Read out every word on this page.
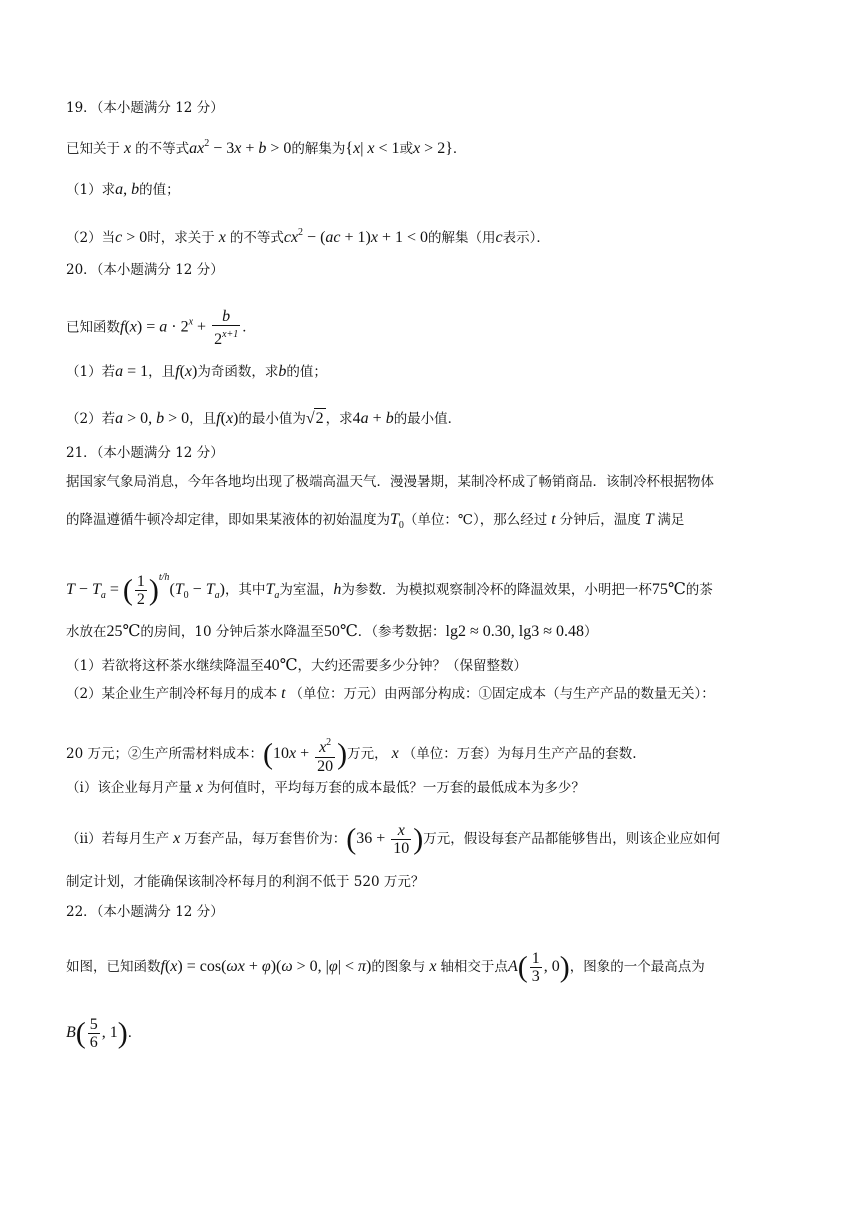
19．（本小题满分 12 分）
已知关于 x 的不等式$ax^2 - 3x + b > 0$的解集为{x| x < 1或x > 2}．
（1）求a, b的值；
（2）当c > 0时，求关于 x 的不等式$cx^2 - (ac + 1)x + 1 < 0$的解集（用c表示）．
20．（本小题满分 12 分）
已知函数$f(x) = a \cdot 2^x + \frac{b}{2^{x+1}}$ ．
（1）若a = 1，且f(x)为奇函数，求b的值；
（2）若a > 0, b > 0，且f(x)的最小值为√2 ，求4a + b的最小值．
21．（本小题满分 12 分）
据国家气象局消息，今年各地均出现了极端高温天气．漫漫暑期，某制冷杯成了畅销商品．该制冷杯根据物体
的降温遵循牛顿冷却定律，即如果某液体的初始温度为$T_0$（单位：℃），那么经过 t 分钟后，温度 T 满足
$T - T_a$ = ( $\frac{1}{2} )^{t/h}(T_0 - T_a)$，其中$T_a$为室温，h为参数．为模拟观察制冷杯的降温效果，小明把一杯75℃的茶
水放在25℃的房间，10 分钟后茶水降温至50℃．（参考数据：lg2 ≈ 0.30, lg3 ≈ 0.48）
（1）若欲将这杯茶水继续降温至40℃，大约还需要多少分钟？（保留整数）
（2）某企业生产制冷杯每月的成本 t （单位：万元）由两部分构成：①固定成本（与生产产品的数量无关）：
20 万元；②生产所需材料成本：($10x + \frac{x^2}{20}$ )万元， x （单位：万套）为每月生产产品的套数.
（i）该企业每月产量 x 为何值时，平均每万套的成本最低？一万套的最低成本为多少？
（ii）若每月生产 x 万套产品，每万套售价为：($36 + \frac{x}{10}$ )万元，假设每套产品都能够售出，则该企业应如何
制定计划，才能确保该制冷杯每月的利润不低于 520 万元？
22．（本小题满分 12 分）
如图，已知函数f(x) = cos(ωx + φ)(ω > 0, |φ| < π)的图象与 x 轴相交于点$A( \frac{1}{3}$ , 0)，图象的一个最高点为
$B( \frac{5}{6}$ , 1)．
